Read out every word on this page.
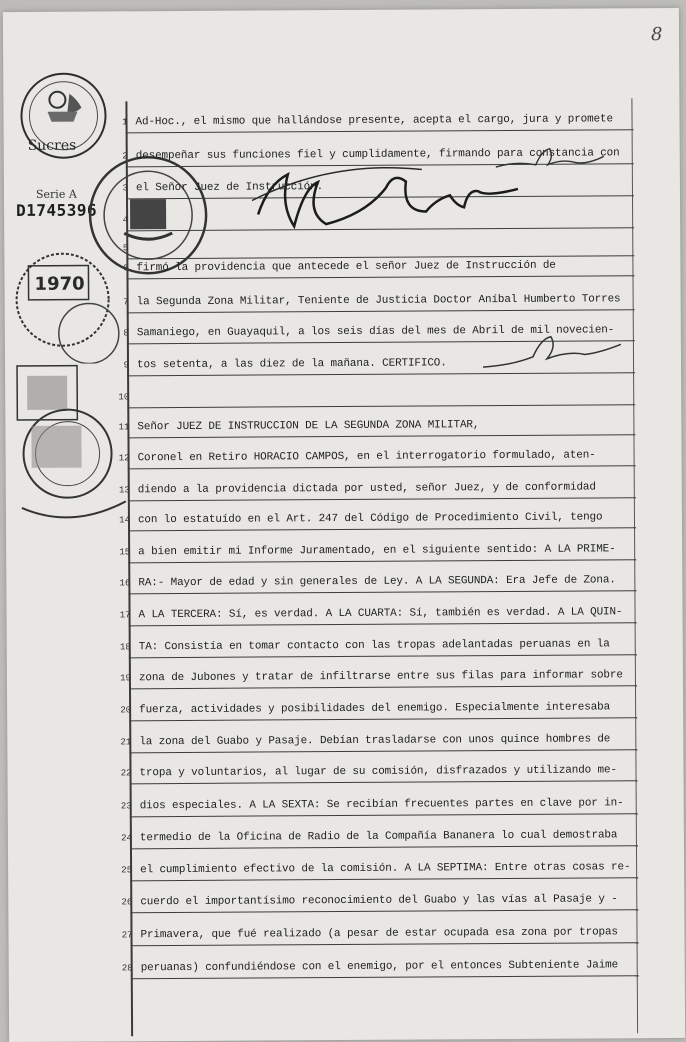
8
Sucres
Serie A
D1745396
1970
1 Ad-Hoc., el mismo que hallándose presente, acepta el cargo, jura y promete
2 desempeñar sus funciones fiel y cumplidamente, firmando para constancia con
3 el Señor Juez de Instrucción.
4
5
6 firmó la providencia que antecede el señor Juez de Instrucción de
7 la Segunda Zona Militar, Teniente de Justicia Doctor Aníbal Humberto Torres
8 Samaniego, en Guayaquil, a los seis días del mes de Abril de mil novecien-
9 tos setenta, a las diez de la mañana. CERTIFICO.
10
11 Señor JUEZ DE INSTRUCCION DE LA SEGUNDA ZONA MILITAR,
12 Coronel en Retiro HORACIO CAMPOS, en el interrogatorio formulado, aten-
13 diendo a la providencia dictada por usted, señor Juez, y de conformidad
14 con lo estatuído en el Art. 247 del Código de Procedimiento Civil, tengo
15 a bien emitir mi Informe Juramentado, en el siguiente sentido: A LA PRIME-
16 RA:- Mayor de edad y sin generales de Ley. A LA SEGUNDA: Era Jefe de Zona.
17 A LA TERCERA: Sí, es verdad. A LA CUARTA: Sí, también es verdad. A LA QUIN-
18 TA: Consistía en tomar contacto con las tropas adelantadas peruanas en la
19 zona de Jubones y tratar de infiltrarse entre sus filas para informar sobre
20 fuerza, actividades y posibilidades del enemigo. Especialmente interesaba
21 la zona del Guabo y Pasaje. Debían trasladarse con unos quince hombres de
22 tropa y voluntarios, al lugar de su comisión, disfrazados y utilizando me-
23 dios especiales. A LA SEXTA: Se recibían frecuentes partes en clave por in-
24 termedio de la Oficina de Radio de la Compañía Bananera lo cual demostraba
25 el cumplimiento efectivo de la comisión. A LA SEPTIMA: Entre otras cosas re-
26 cuerdo el importantísimo reconocimiento del Guabo y las vías al Pasaje y -
27 Primavera, que fué realizado (a pesar de estar ocupada esa zona por tropas
28 peruanas) confundiéndose con el enemigo, por el entonces Subteniente Jaime
